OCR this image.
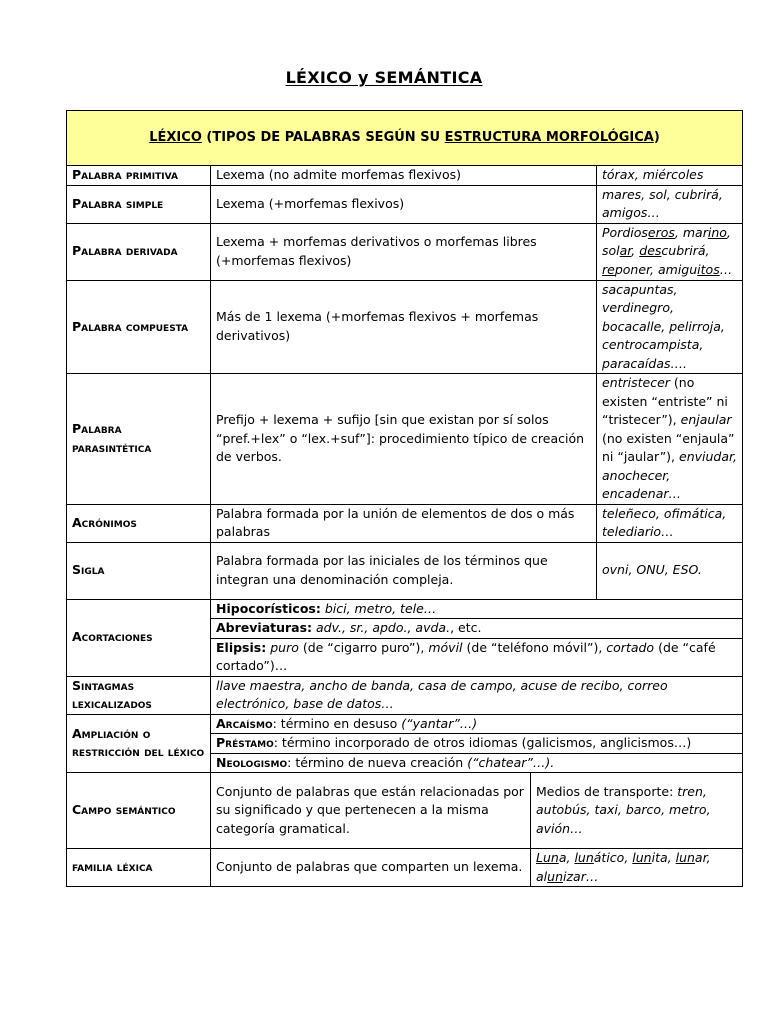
LÉXICO y SEMÁNTICA
LÉXICO (TIPOS DE PALABRAS SEGÚN SU ESTRUCTURA MORFOLÓGICA)			
Palabra primitiva	Lexema (no admite morfemas flexivos)		tórax, miércoles
Palabra simple	Lexema (+morfemas flexivos)		mares, sol, cubrirá, amigos…
Palabra derivada	Lexema + morfemas derivativos o morfemas libres (+morfemas flexivos)		Pordioseros, marino, solar, descubrirá, reponer, amiguitos…
Palabra compuesta	Más de 1 lexema (+morfemas flexivos + morfemas derivativos)		sacapuntas, verdinegro, bocacalle, pelirroja, centrocampista, paracaídas….
Palabra parasintética	Prefijo + lexema + sufijo [sin que existan por sí solos “pref.+lex” o “lex.+suf”]: procedimiento típico de creación de verbos.		entristecer (no existen “entriste” ni “tristecer”), enjaular (no existen “enjaula” ni “jaular”), enviudar, anochecer, encadenar…
Acrónimos	Palabra formada por la unión de elementos de dos o más palabras		teleñeco, ofimática, telediario…
Sigla	Palabra formada por las iniciales de los términos que integran una denominación compleja.		ovni, ONU, ESO.
Acortaciones	Hipocorísticos: bici, metro, tele…		
	Abreviaturas: adv., sr., apdo., avda., etc.		
	Elipsis: puro (de “cigarro puro”), móvil (de “teléfono móvil”), cortado (de “café cortado”)…		
Sintagmas lexicalizados	llave maestra, ancho de banda, casa de campo, acuse de recibo, correo electrónico, base de datos…		
Ampliación o restricción del léxico	Arcaísmo: término en desuso (“yantar”…)		
	Préstamo: término incorporado de otros idiomas (galicismos, anglicismos…)		
	Neologismo: término de nueva creación (“chatear”…).		
Campo semántico	Conjunto de palabras que están relacionadas por su significado y que pertenecen a la misma categoría gramatical.	Medios de transporte: tren, autobús, taxi, barco, metro, avión…	
familia léxica	Conjunto de palabras que comparten un lexema.	Luna, lunático, lunita, lunar, alunizar…	
